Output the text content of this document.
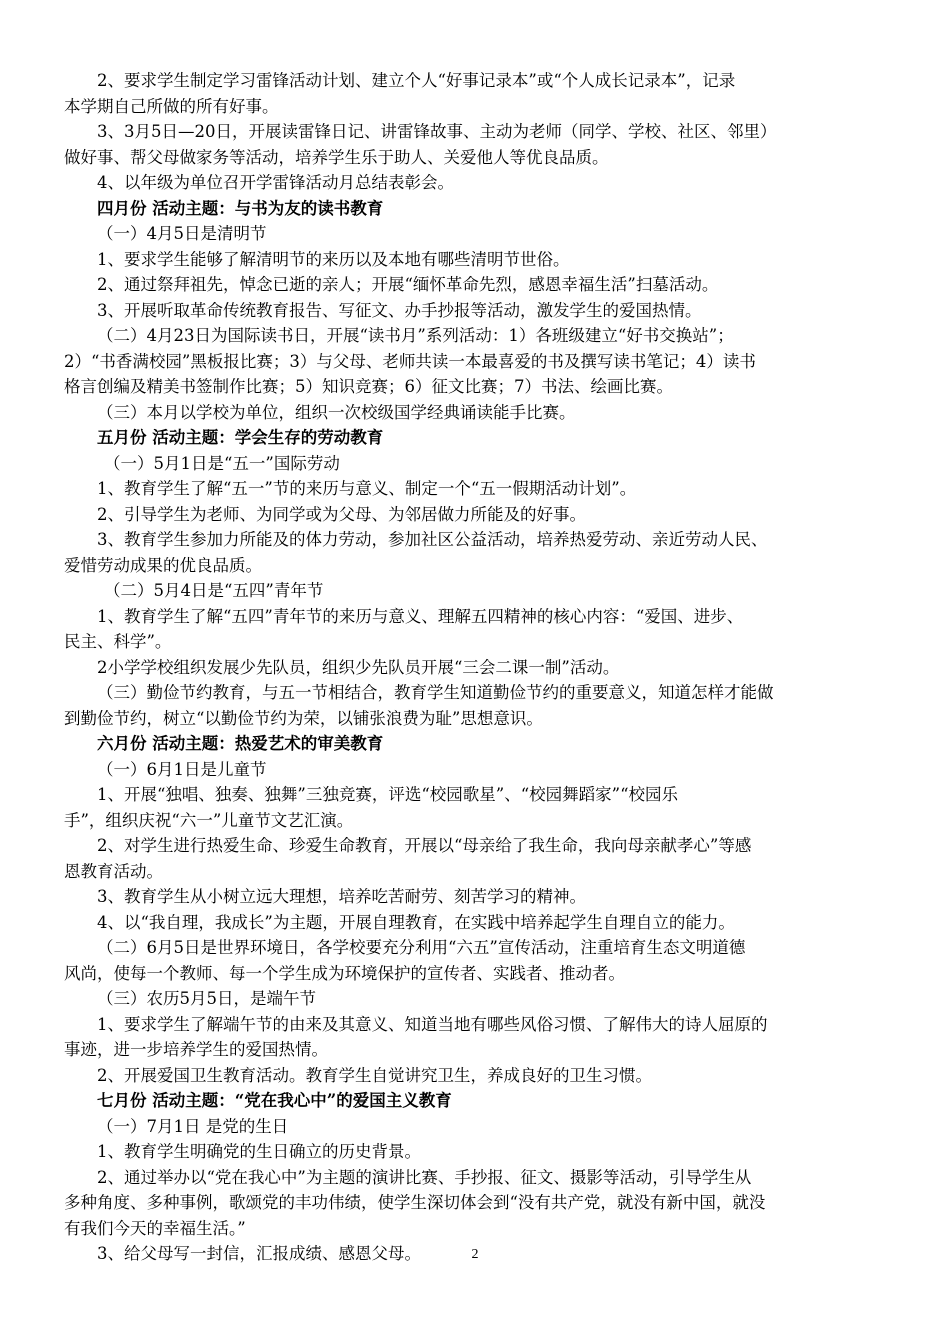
2、要求学生制定学习雷锋活动计划、建立个人“好事记录本”或“个人成长记录本”，记录
本学期自己所做的所有好事。
3、3月5日—20日，开展读雷锋日记、讲雷锋故事、主动为老师（同学、学校、社区、邻里）
做好事、帮父母做家务等活动，培养学生乐于助人、关爱他人等优良品质。
4、以年级为单位召开学雷锋活动月总结表彰会。
四月份 活动主题：与书为友的读书教育
（一）4月5日是清明节
1、要求学生能够了解清明节的来历以及本地有哪些清明节世俗。
2、通过祭拜祖先，悼念已逝的亲人；开展“缅怀革命先烈，感恩幸福生活”扫墓活动。
3、开展听取革命传统教育报告、写征文、办手抄报等活动，激发学生的爱国热情。
（二）4月23日为国际读书日，开展“读书月”系列活动：1）各班级建立“好书交换站”；
2）“书香满校园”黑板报比赛；3）与父母、老师共读一本最喜爱的书及撰写读书笔记；4）读书
格言创编及精美书签制作比赛；5）知识竞赛；6）征文比赛；7）书法、绘画比赛。
（三）本月以学校为单位，组织一次校级国学经典诵读能手比赛。
五月份 活动主题：学会生存的劳动教育
（一）5月1日是“五一”国际劳动
1、教育学生了解“五一”节的来历与意义、制定一个“五一假期活动计划”。
2、引导学生为老师、为同学或为父母、为邻居做力所能及的好事。
3、教育学生参加力所能及的体力劳动，参加社区公益活动，培养热爱劳动、亲近劳动人民、
爱惜劳动成果的优良品质。
（二）5月4日是“五四”青年节
1、教育学生了解“五四”青年节的来历与意义、理解五四精神的核心内容：“爱国、进步、
民主、科学”。
2小学学校组织发展少先队员，组织少先队员开展“三会二课一制”活动。
（三）勤俭节约教育，与五一节相结合，教育学生知道勤俭节约的重要意义，知道怎样才能做
到勤俭节约，树立“以勤俭节约为荣，以铺张浪费为耻”思想意识。
六月份 活动主题：热爱艺术的审美教育
（一）6月1日是儿童节
1、开展“独唱、独奏、独舞”三独竞赛，评选“校园歌星”、“校园舞蹈家”“校园乐
手”，组织庆祝“六一”儿童节文艺汇演。
2、对学生进行热爱生命、珍爱生命教育，开展以“母亲给了我生命，我向母亲献孝心”等感
恩教育活动。
3、教育学生从小树立远大理想，培养吃苦耐劳、刻苦学习的精神。
4、以“我自理，我成长”为主题，开展自理教育，在实践中培养起学生自理自立的能力。
（二）6月5日是世界环境日，各学校要充分利用“六五”宣传活动，注重培育生态文明道德
风尚，使每一个教师、每一个学生成为环境保护的宣传者、实践者、推动者。
（三）农历5月5日，是端午节
1、要求学生了解端午节的由来及其意义、知道当地有哪些风俗习惯、了解伟大的诗人屈原的
事迹，进一步培养学生的爱国热情。
2、开展爱国卫生教育活动。教育学生自觉讲究卫生，养成良好的卫生习惯。
七月份 活动主题：“党在我心中”的爱国主义教育
（一）7月1日 是党的生日
1、教育学生明确党的生日确立的历史背景。
2、通过举办以“党在我心中”为主题的演讲比赛、手抄报、征文、摄影等活动，引导学生从
多种角度、多种事例，歌颂党的丰功伟绩，使学生深切体会到“没有共产党，就没有新中国，就没
有我们今天的幸福生活。”
3、给父母写一封信，汇报成绩、感恩父母。	2
